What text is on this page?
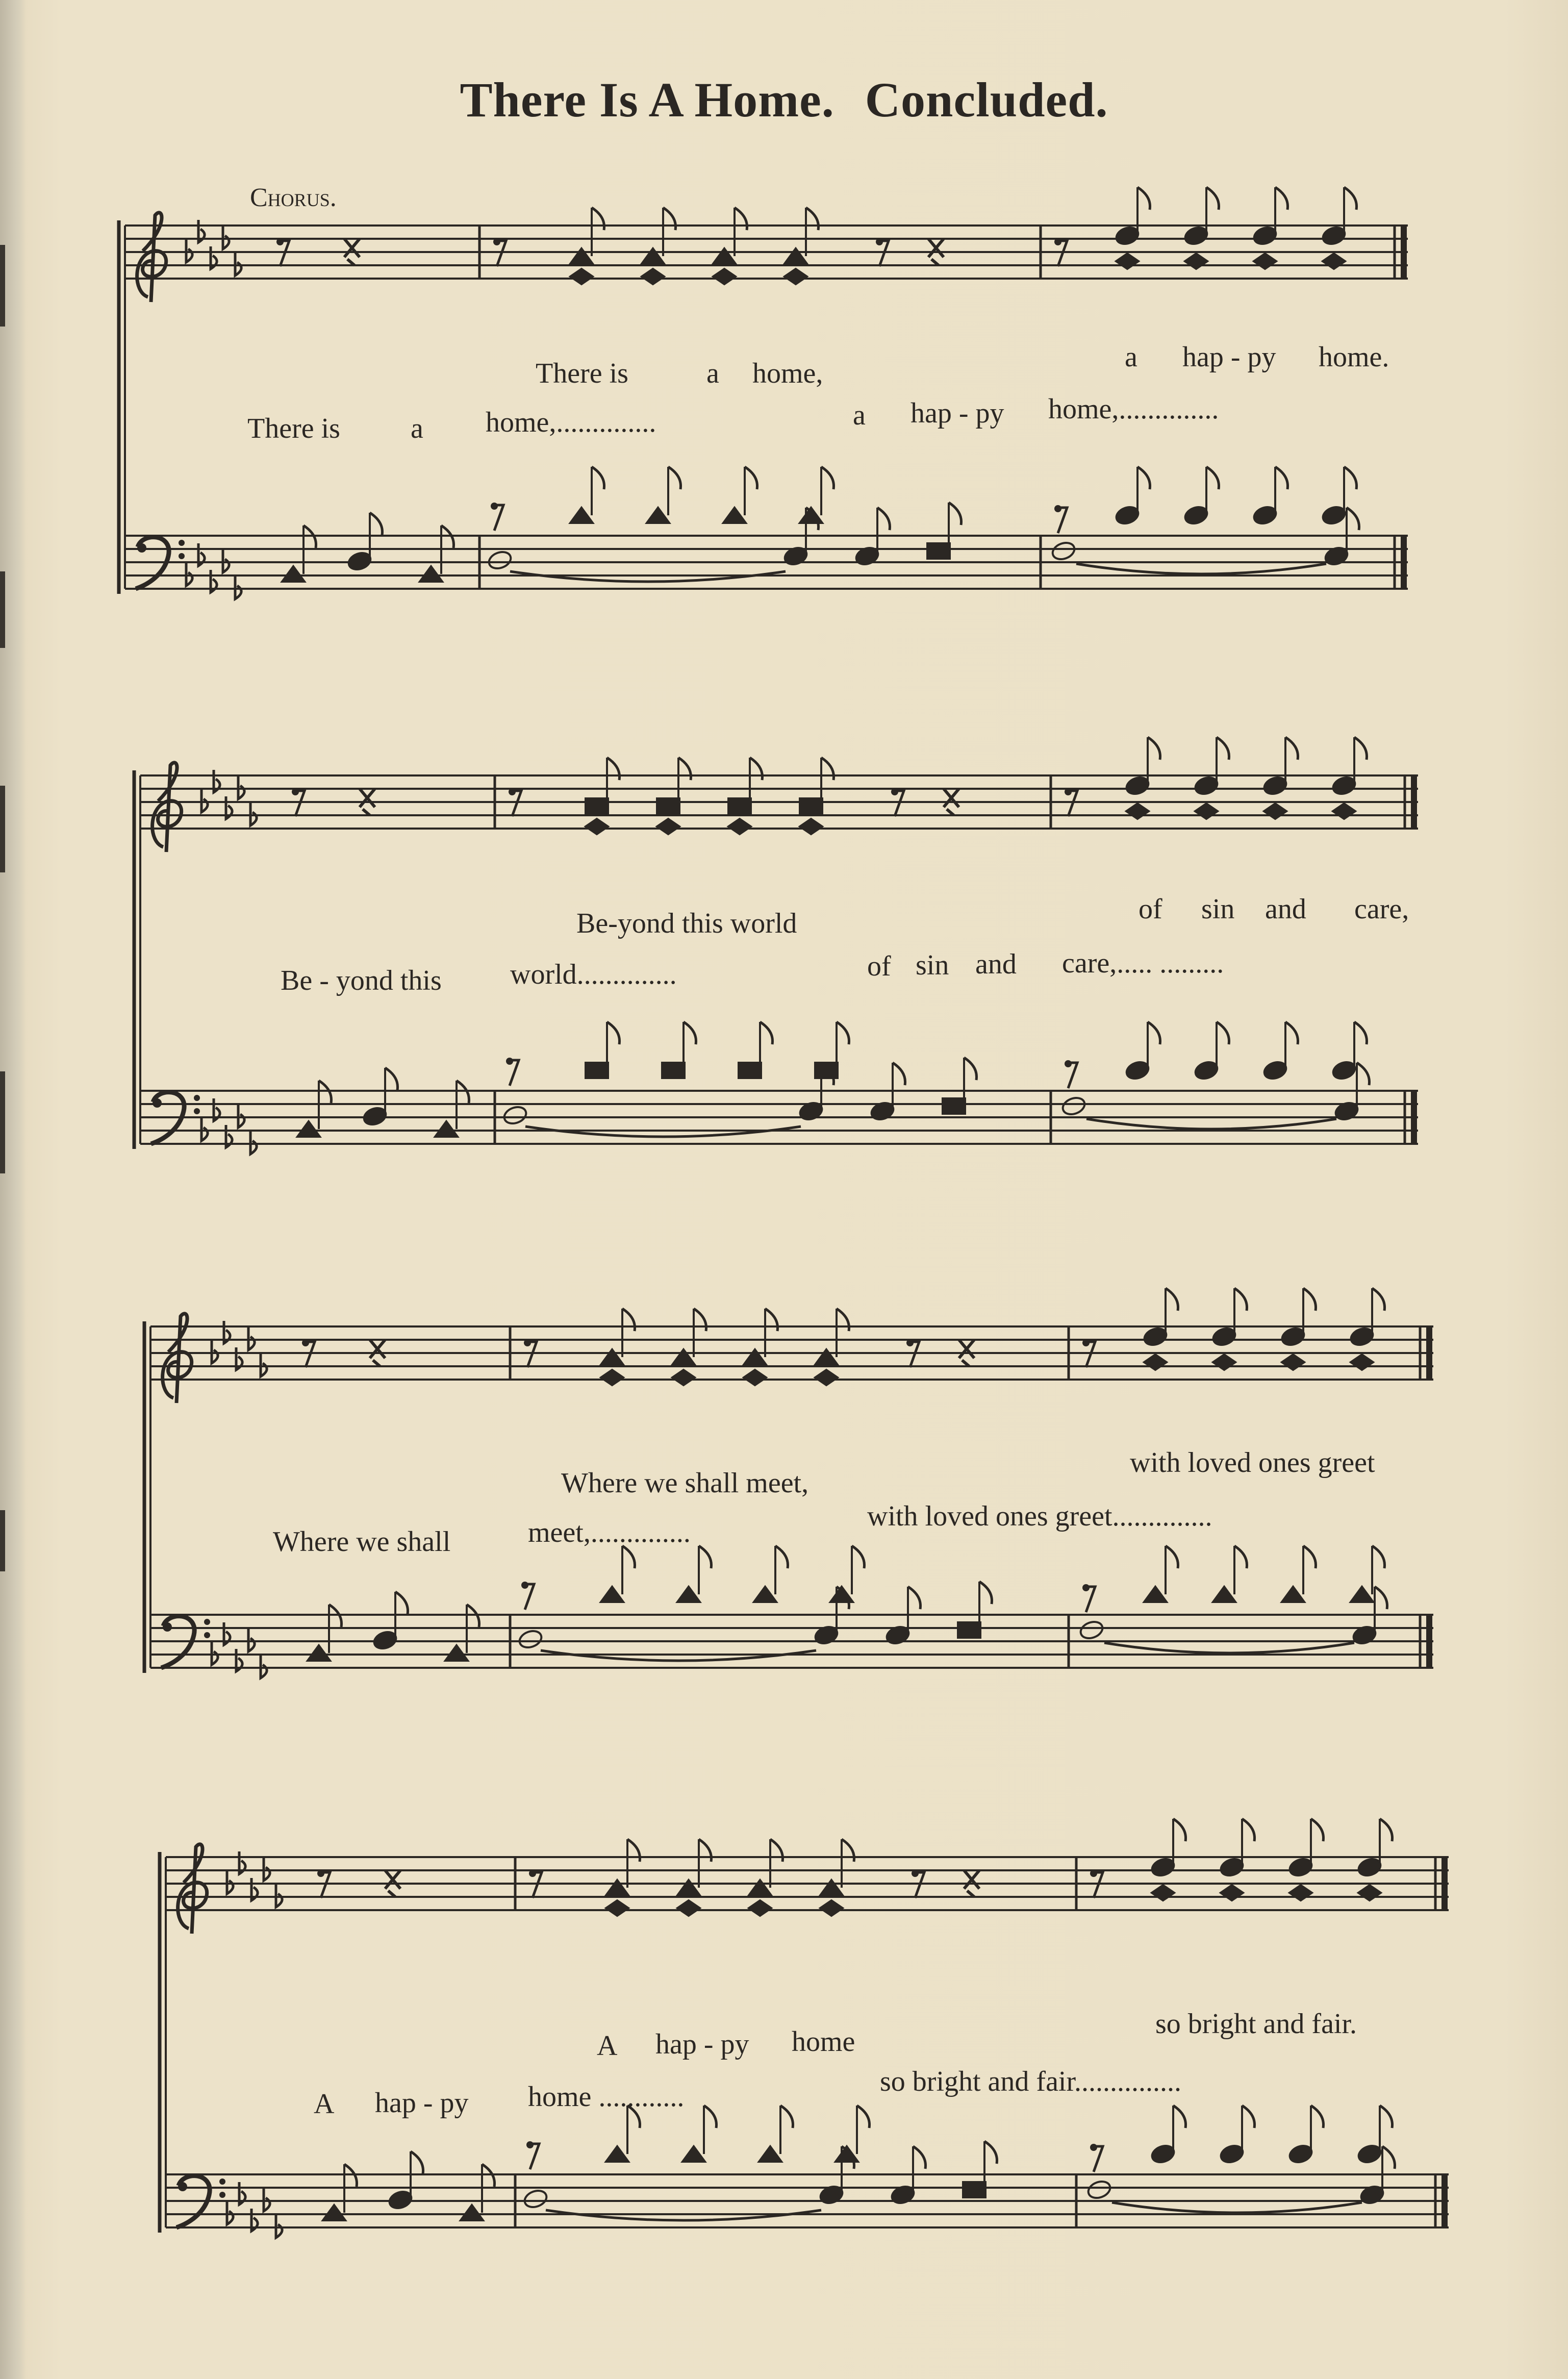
There Is A Home. Concluded.
Chorus.
There is	a home,
a hap - py home.
There is a home,..............	a hap - py home,..............
Be-yond this world	of sin and care,
Be - yond this world..............	of sin and care,..... .........
Where we shall meet,
with loved ones greet
Where we shall	meet,..............
with loved ones greet..............
A hap - py home
so bright and fair.
A hap - py home ............	so bright and fair...............
